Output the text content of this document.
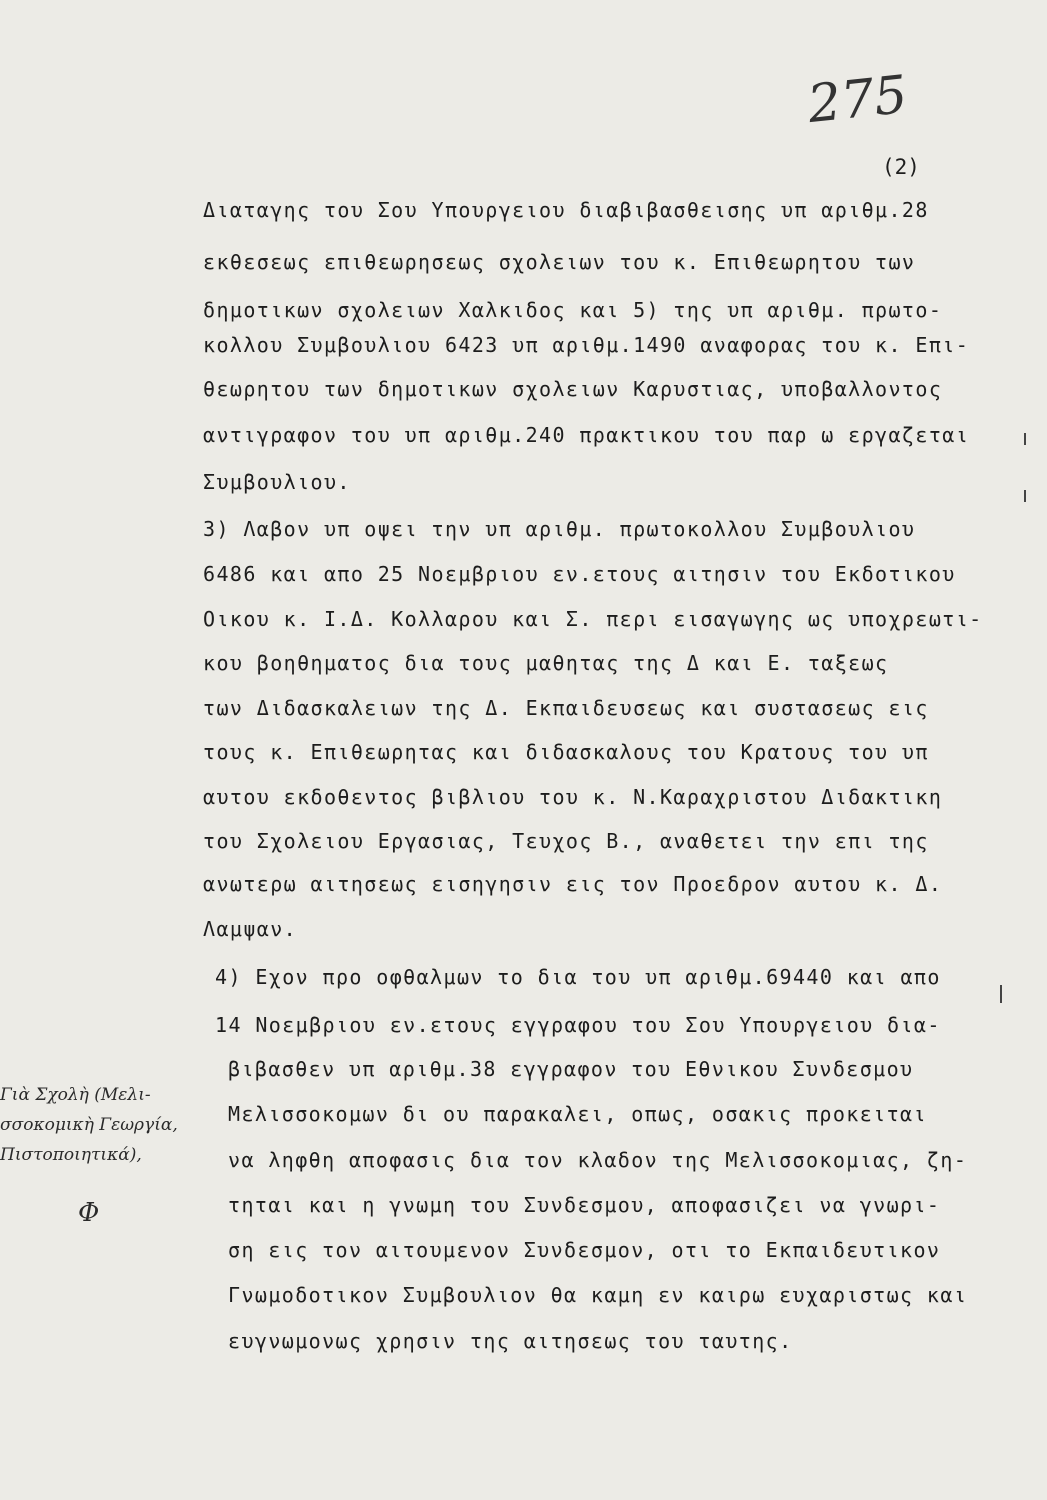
275
(2)
Διαταγης του Σου Υπουργειου διαβιβασθεισης υπ αριθμ.28
εκθεσεως επιθεωρησεως σχολειων του κ. Επιθεωρητου των
δημοτικων σχολειων Χαλκιδος και 5) της υπ αριθμ. πρωτο-
κολλου Συμβουλιου 6423 υπ αριθμ.1490 αναφορας του κ. Επι-
θεωρητου των δημοτικων σχολειων Καρυστιας, υποβαλλοντος
αντιγραφον του υπ αριθμ.240 πρακτικου του παρ ω εργαζεται
Συμβουλιου.
3) Λαβον υπ οψει την υπ αριθμ. πρωτοκολλου Συμβουλιου
6486 και απο 25 Νοεμβριου εν.ετους αιτησιν του Εκδοτικου
Οικου κ. Ι.Δ. Κολλαρου και Σ. περι εισαγωγης ως υποχρεωτι-
κου βοηθηματος δια τους μαθητας της Δ και Ε. ταξεως
των Διδασκαλειων της Δ. Εκπαιδευσεως και συστασεως εις
τους κ. Επιθεωρητας και διδασκαλους του Κρατους του υπ
αυτου εκδοθεντος βιβλιου του κ. Ν.Καραχριστου Διδακτικη
του Σχολειου Εργασιας, Τευχος Β., αναθετει την επι της
ανωτερω αιτησεως εισηγησιν εις τον Προεδρον αυτου κ. Δ.
Λαμψαν.
4) Εχον προ οφθαλμων το δια του υπ αριθμ.69440 και απο
14 Νοεμβριου εν.ετους εγγραφου του Σου Υπουργειου δια-
βιβασθεν υπ αριθμ.38 εγγραφον του Εθνικου Συνδεσμου
Μελισσοκομων δι ου παρακαλει, οπως, οσακις προκειται
να ληφθη αποφασις δια τον κλαδον της Μελισσοκομιας, ζη-
τηται και η γνωμη του Συνδεσμου, αποφασιζει να γνωρι-
ση εις τον αιτουμενον Συνδεσμον, οτι το Εκπαιδευτικον
Γνωμοδοτικον Συμβουλιον θα καμη εν καιρω ευχαριστως και
ευγνωμονως χρησιν της αιτησεως του ταυτης.
Γιὰ Σχολὴ (Μελι-
σσοκομικὴ Γεωργία,
Πιστοποιητικά),
Φ
